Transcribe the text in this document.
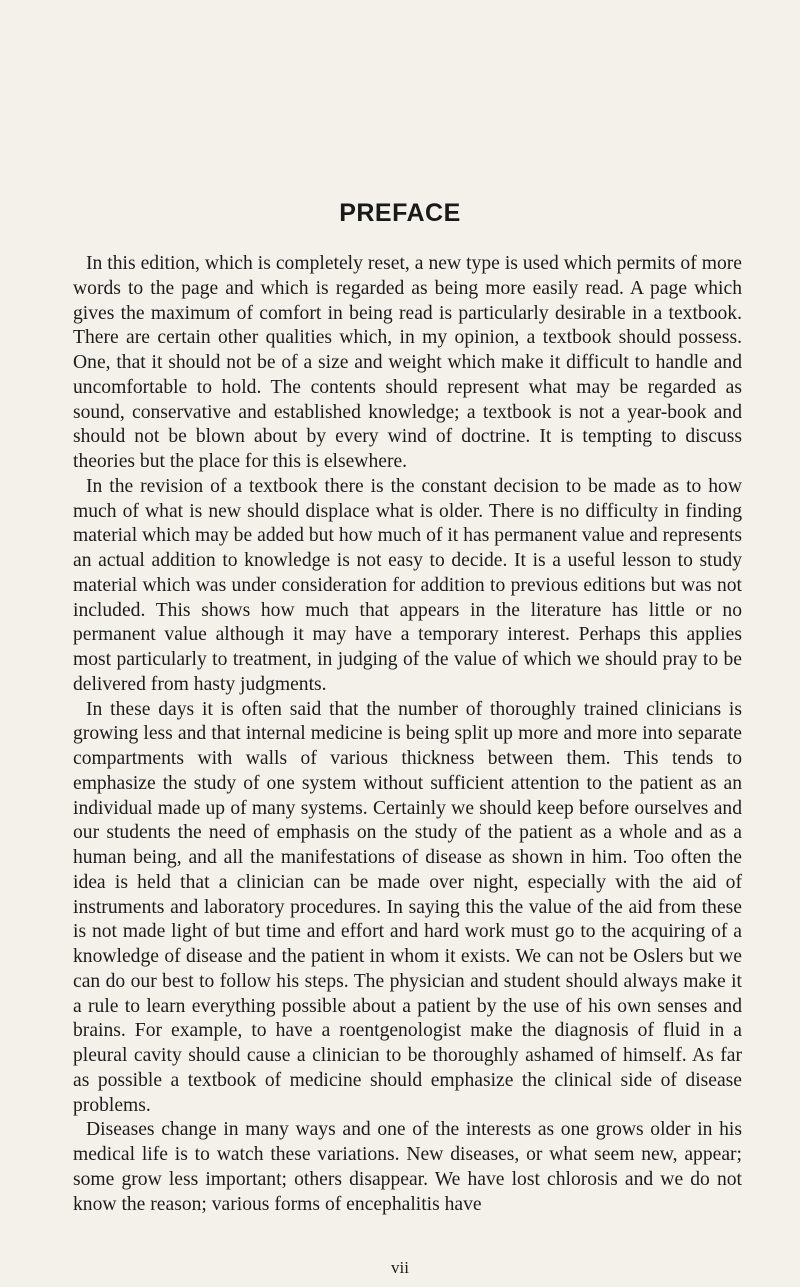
PREFACE

In this edition, which is completely reset, a new type is used which permits of more words to the page and which is regarded as being more easily read. A page which gives the maximum of comfort in being read is particularly desirable in a textbook. There are certain other qualities which, in my opinion, a textbook should possess. One, that it should not be of a size and weight which make it difficult to handle and uncomfortable to hold. The contents should represent what may be regarded as sound, conservative and established knowledge; a textbook is not a year-book and should not be blown about by every wind of doctrine. It is tempting to discuss theories but the place for this is elsewhere.

In the revision of a textbook there is the constant decision to be made as to how much of what is new should displace what is older. There is no difficulty in finding material which may be added but how much of it has permanent value and represents an actual addition to knowledge is not easy to decide. It is a useful lesson to study material which was under consideration for addition to previous editions but was not included. This shows how much that appears in the literature has little or no permanent value although it may have a temporary interest. Perhaps this applies most particularly to treatment, in judging of the value of which we should pray to be delivered from hasty judgments.

In these days it is often said that the number of thoroughly trained clinicians is growing less and that internal medicine is being split up more and more into separate compartments with walls of various thickness between them. This tends to emphasize the study of one system without sufficient attention to the patient as an individual made up of many systems. Certainly we should keep before ourselves and our students the need of emphasis on the study of the patient as a whole and as a human being, and all the manifestations of disease as shown in him. Too often the idea is held that a clinician can be made over night, especially with the aid of instruments and laboratory procedures. In saying this the value of the aid from these is not made light of but time and effort and hard work must go to the acquiring of a knowledge of disease and the patient in whom it exists. We can not be Oslers but we can do our best to follow his steps. The physician and student should always make it a rule to learn everything possible about a patient by the use of his own senses and brains. For example, to have a roentgenologist make the diagnosis of fluid in a pleural cavity should cause a clinician to be thoroughly ashamed of himself. As far as possible a textbook of medicine should emphasize the clinical side of disease problems.

Diseases change in many ways and one of the interests as one grows older in his medical life is to watch these variations. New diseases, or what seem new, appear; some grow less important; others disappear. We have lost chlorosis and we do not know the reason; various forms of encephalitis have

vii
